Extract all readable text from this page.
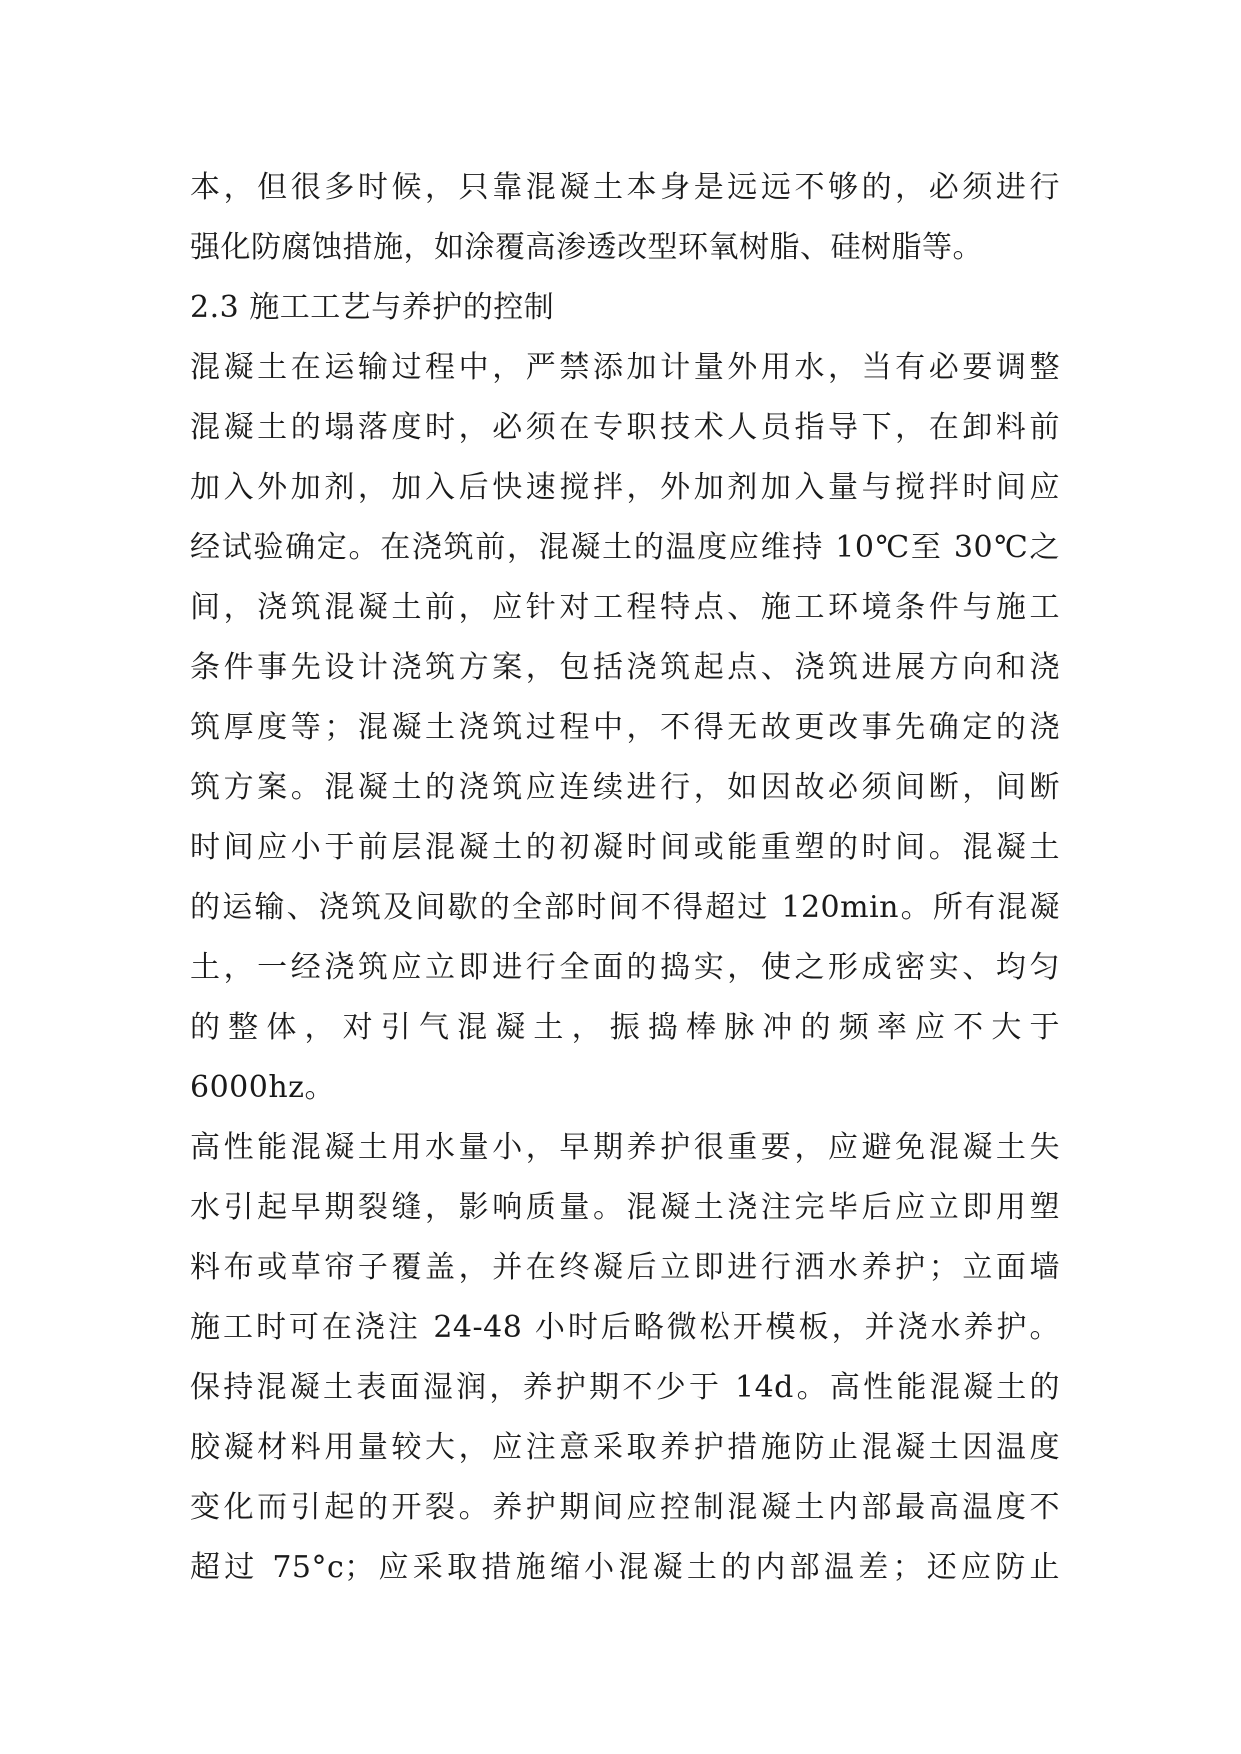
本，但很多时候，只靠混凝土本身是远远不够的，必须进行
强化防腐蚀措施，如涂覆高渗透改型环氧树脂、硅树脂等。
2.3 施工工艺与养护的控制
混凝土在运输过程中，严禁添加计量外用水，当有必要调整
混凝土的塌落度时，必须在专职技术人员指导下，在卸料前
加入外加剂，加入后快速搅拌，外加剂加入量与搅拌时间应
经试验确定。在浇筑前，混凝土的温度应维持 10℃至 30℃之
间，浇筑混凝土前，应针对工程特点、施工环境条件与施工
条件事先设计浇筑方案，包括浇筑起点、浇筑进展方向和浇
筑厚度等；混凝土浇筑过程中，不得无故更改事先确定的浇
筑方案。混凝土的浇筑应连续进行，如因故必须间断，间断
时间应小于前层混凝土的初凝时间或能重塑的时间。混凝土
的运输、浇筑及间歇的全部时间不得超过 120min。所有混凝
土，一经浇筑应立即进行全面的捣实，使之形成密实、均匀
的整体，对引气混凝土，振捣棒脉冲的频率应不大于
6000hz。
高性能混凝土用水量小，早期养护很重要，应避免混凝土失
水引起早期裂缝，影响质量。混凝土浇注完毕后应立即用塑
料布或草帘子覆盖，并在终凝后立即进行洒水养护；立面墙
施工时可在浇注 24-48 小时后略微松开模板，并浇水养护。
保持混凝土表面湿润，养护期不少于 14d。高性能混凝土的
胶凝材料用量较大，应注意采取养护措施防止混凝土因温度
变化而引起的开裂。养护期间应控制混凝土内部最高温度不
超过 75°c；应采取措施缩小混凝土的内部温差；还应防止
